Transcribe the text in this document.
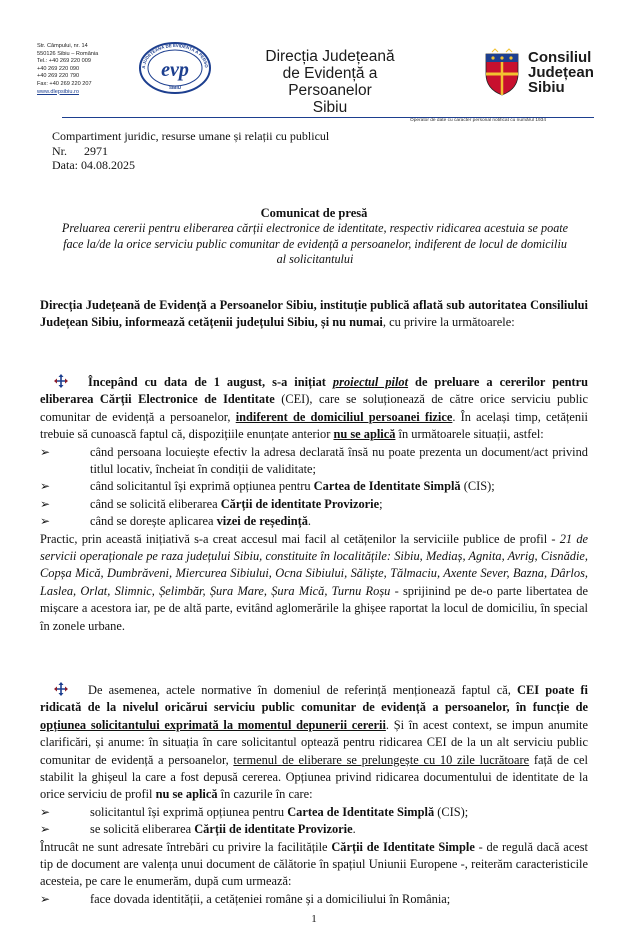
Str. Câmpului, nr. 14
550126 Sibiu – România
Tel.: +40 269 220 009
+40 269 220 090
+40 269 220 790
Fax: +40 269 220 207
www.dlepsibiu.ro
A JUDEȚEANĂ DE EVIDENȚĂ A PERSO
evp
SIBIU
Direcția Județeană
de Evidență a Persoanelor
Sibiu
Consiliul
Județean
Sibiu
Operator de date cu caracter personal notificat cu numărul 1934
Compartiment juridic, resurse umane și relații cu publicul
Nr. 2971
Data: 04.08.2025
Comunicat de presă
Preluarea cererii pentru eliberarea cărții electronice de identitate, respectiv ridicarea acestuia se poate face la/de la orice serviciu public comunitar de evidență a persoanelor, indiferent de locul de domiciliu al solicitantului

Direcția Județeană de Evidență a Persoanelor Sibiu, instituție publică aflată sub autoritatea Consiliului Județean Sibiu, informează cetățenii județului Sibiu, și nu numai, cu privire la următoarele:

Începând cu data de 1 august, s-a inițiat proiectul pilot de preluare a cererilor pentru eliberarea Cărții Electronice de Identitate (CEI), care se soluționează de către orice serviciu public comunitar de evidență a persoanelor, indiferent de domiciliul persoanei fizice. În același timp, cetățenii trebuie să cunoască faptul că, dispozițiile enunțate anterior nu se aplică în următoarele situații, astfel:

➢	când persoana locuiește efectiv la adresa declarată însă nu poate prezenta un document/act privind titlul locativ, încheiat în condiții de validitate;
➢	când solicitantul își exprimă opțiunea pentru Cartea de Identitate Simplă (CIS);
➢	când se solicită eliberarea Cărții de identitate Provizorie;
➢	când se dorește aplicarea vizei de reședință.

Practic, prin această inițiativă s-a creat accesul mai facil al cetățenilor la serviciile publice de profil - 21 de servicii operaționale pe raza județului Sibiu, constituite în localitățile: Sibiu, Mediaș, Agnita, Avrig, Cisnădie, Copșa Mică, Dumbrăveni, Miercurea Sibiului, Ocna Sibiului, Săliște, Tălmaciu, Axente Sever, Bazna, Dârlos, Laslea, Orlat, Slimnic, Șelimbăr, Șura Mare, Șura Mică, Turnu Roșu - sprijinind pe de-o parte libertatea de mișcare a acestora iar, pe de altă parte, evitând aglomerările la ghișee raportat la locul de domiciliu, în special în zonele urbane.

De asemenea, actele normative în domeniul de referință menționează faptul că, CEI poate fi ridicată de la nivelul oricărui serviciu public comunitar de evidență a persoanelor, în funcție de opțiunea solicitantului exprimată la momentul depunerii cererii. Și în acest context, se impun anumite clarificări, și anume: în situația în care solicitantul optează pentru ridicarea CEI de la un alt serviciu public comunitar de evidență a persoanelor, termenul de eliberare se prelungește cu 10 zile lucrătoare față de cel stabilit la ghișeul la care a fost depusă cererea. Opțiunea privind ridicarea documentului de identitate de la orice serviciu de profil nu se aplică în cazurile în care:

➢	solicitantul își exprimă opțiunea pentru Cartea de Identitate Simplă (CIS);
➢	se solicită eliberarea Cărții de identitate Provizorie.

Întrucât ne sunt adresate întrebări cu privire la facilitățile Cărții de Identitate Simple - de regulă dacă acest tip de document are valența unui document de călătorie în spațiul Uniunii Europene -, reiterăm caracteristicile acesteia, pe care le enumerăm, după cum urmează:

➢	face dovada identității, a cetățeniei române și a domiciliului în România;
1
